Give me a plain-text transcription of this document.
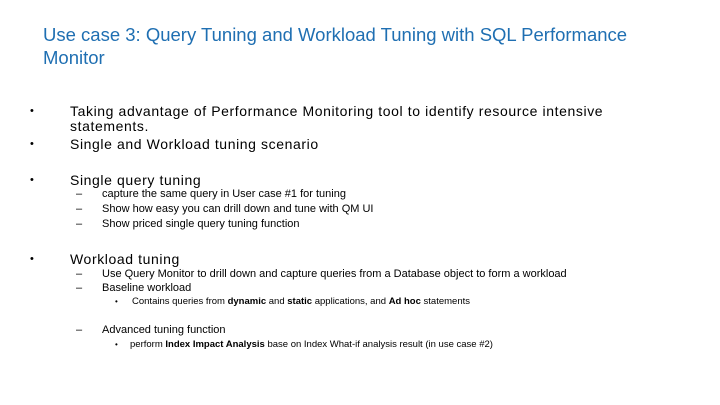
Use case 3: Query Tuning and Workload Tuning with SQL Performance Monitor
•	Taking advantage of Performance Monitoring tool to identify resource intensive
statements.
•	Single and Workload tuning scenario
•	Single query tuning
– capture the same query in User case #1 for tuning
– Show how easy you can drill down and tune with QM UI
– Show priced single query tuning function
•	Workload tuning
– Use Query Monitor to drill down and capture queries from a Database object to form a workload
– Baseline workload
• Contains queries from dynamic and static applications, and Ad hoc statements
– Advanced tuning function
• perform Index Impact Analysis base on Index What-if analysis result (in use case #2)
